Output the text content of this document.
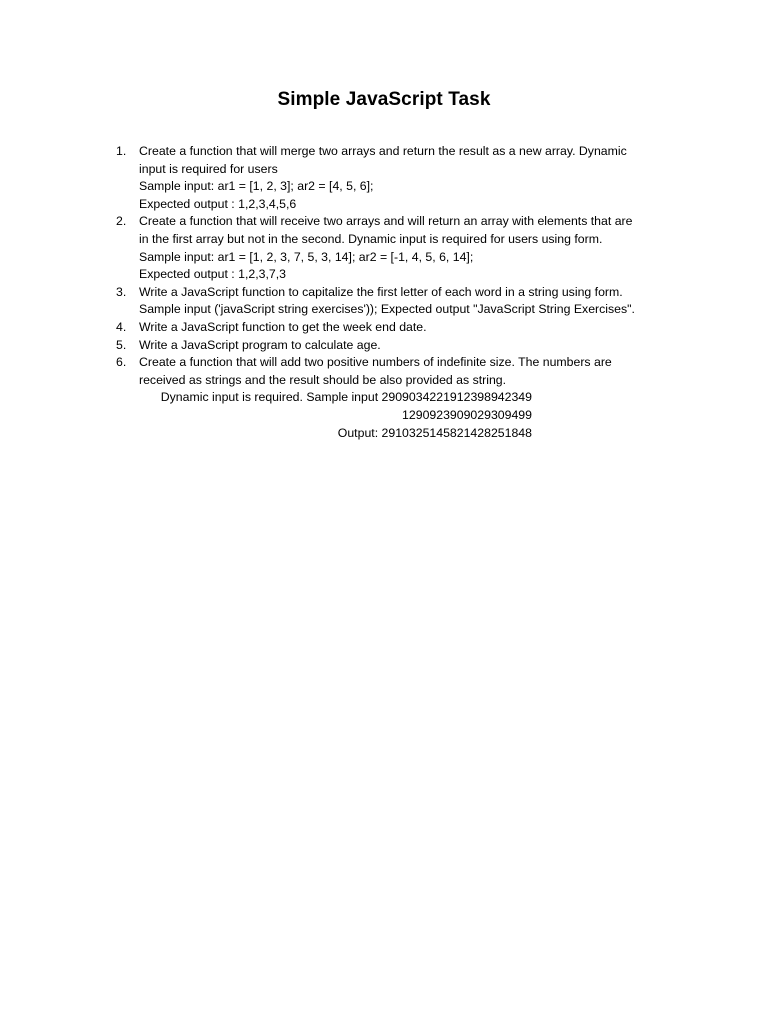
Simple JavaScript Task
1. Create a function that will merge two arrays and return the result as a new array. Dynamic
input is required for users
Sample input: ar1 = [1, 2, 3]; ar2 = [4, 5, 6];
Expected output : 1,2,3,4,5,6
2. Create a function that will receive two arrays and will return an array with elements that are
in the first array but not in the second. Dynamic input is required for users using form.
Sample input: ar1 = [1, 2, 3, 7, 5, 3, 14]; ar2 = [-1, 4, 5, 6, 14];
Expected output : 1,2,3,7,3
3. Write a JavaScript function to capitalize the first letter of each word in a string using form.
Sample input ('javaScript string exercises')); Expected output "JavaScript String Exercises".
4. Write a JavaScript function to get the week end date.
5. Write a JavaScript program to calculate age.
6. Create a function that will add two positive numbers of indefinite size. The numbers are
received as strings and the result should be also provided as string.
Dynamic input is required. Sample input 2909034221912398942349
1290923909029309499
Output: 2910325145821428251848
